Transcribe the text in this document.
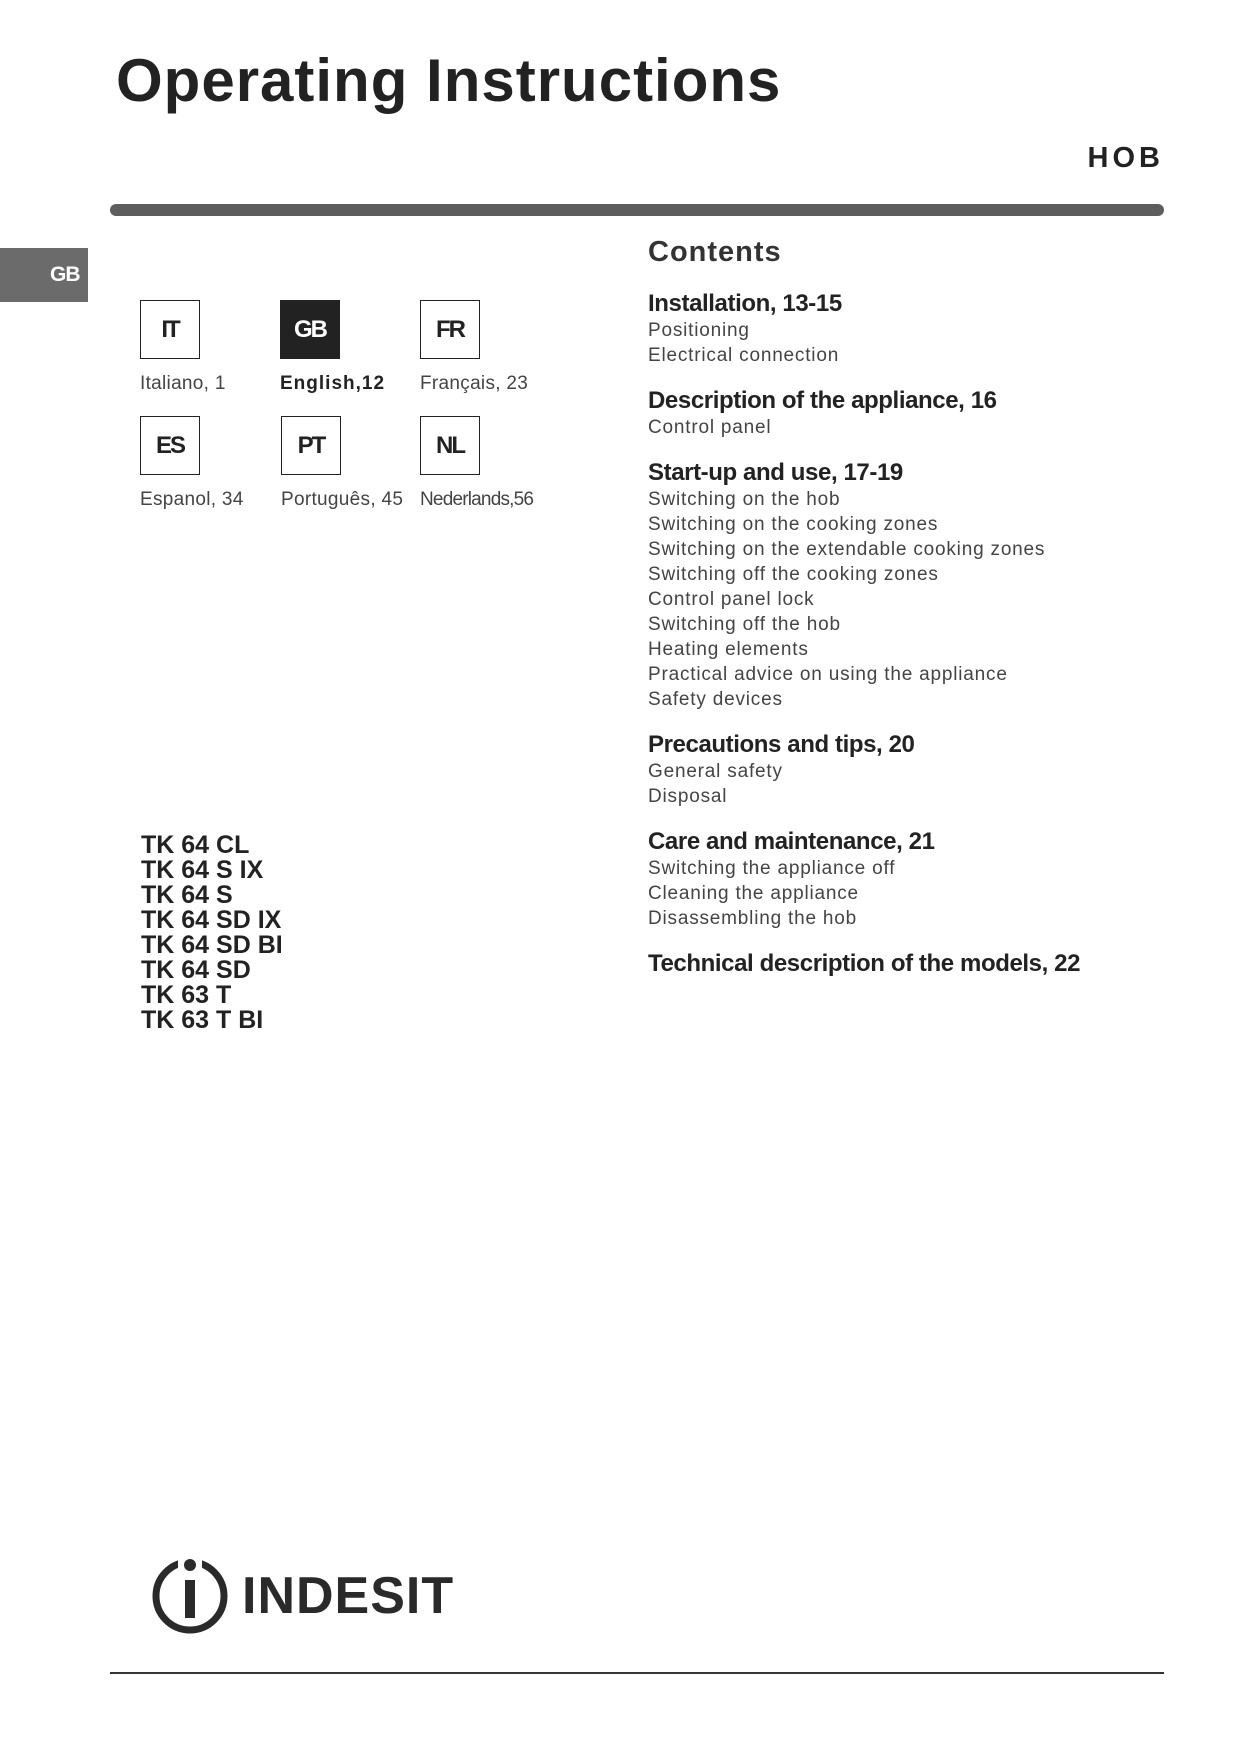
Operating Instructions
HOB
GB
IT
Italiano, 1
GB
English,12
FR
Français, 23
ES
Espanol, 34
PT
Português, 45
NL
Nederlands,56
TK 64 CL
TK 64 S IX
TK 64 S
TK 64 SD IX
TK 64 SD BI
TK 64 SD
TK 63 T
TK 63 T BI
Contents
Installation, 13-15
Positioning
Electrical connection
Description of the appliance, 16
Control panel
Start-up and use, 17-19
Switching on the hob
Switching on the cooking zones
Switching on the extendable cooking zones
Switching off the cooking zones
Control panel lock
Switching off the hob
Heating elements
Practical advice on using the appliance
Safety devices
Precautions and tips, 20
General safety
Disposal
Care and maintenance, 21
Switching the appliance off
Cleaning the appliance
Disassembling the hob
Technical description of the models, 22
INDESIT
